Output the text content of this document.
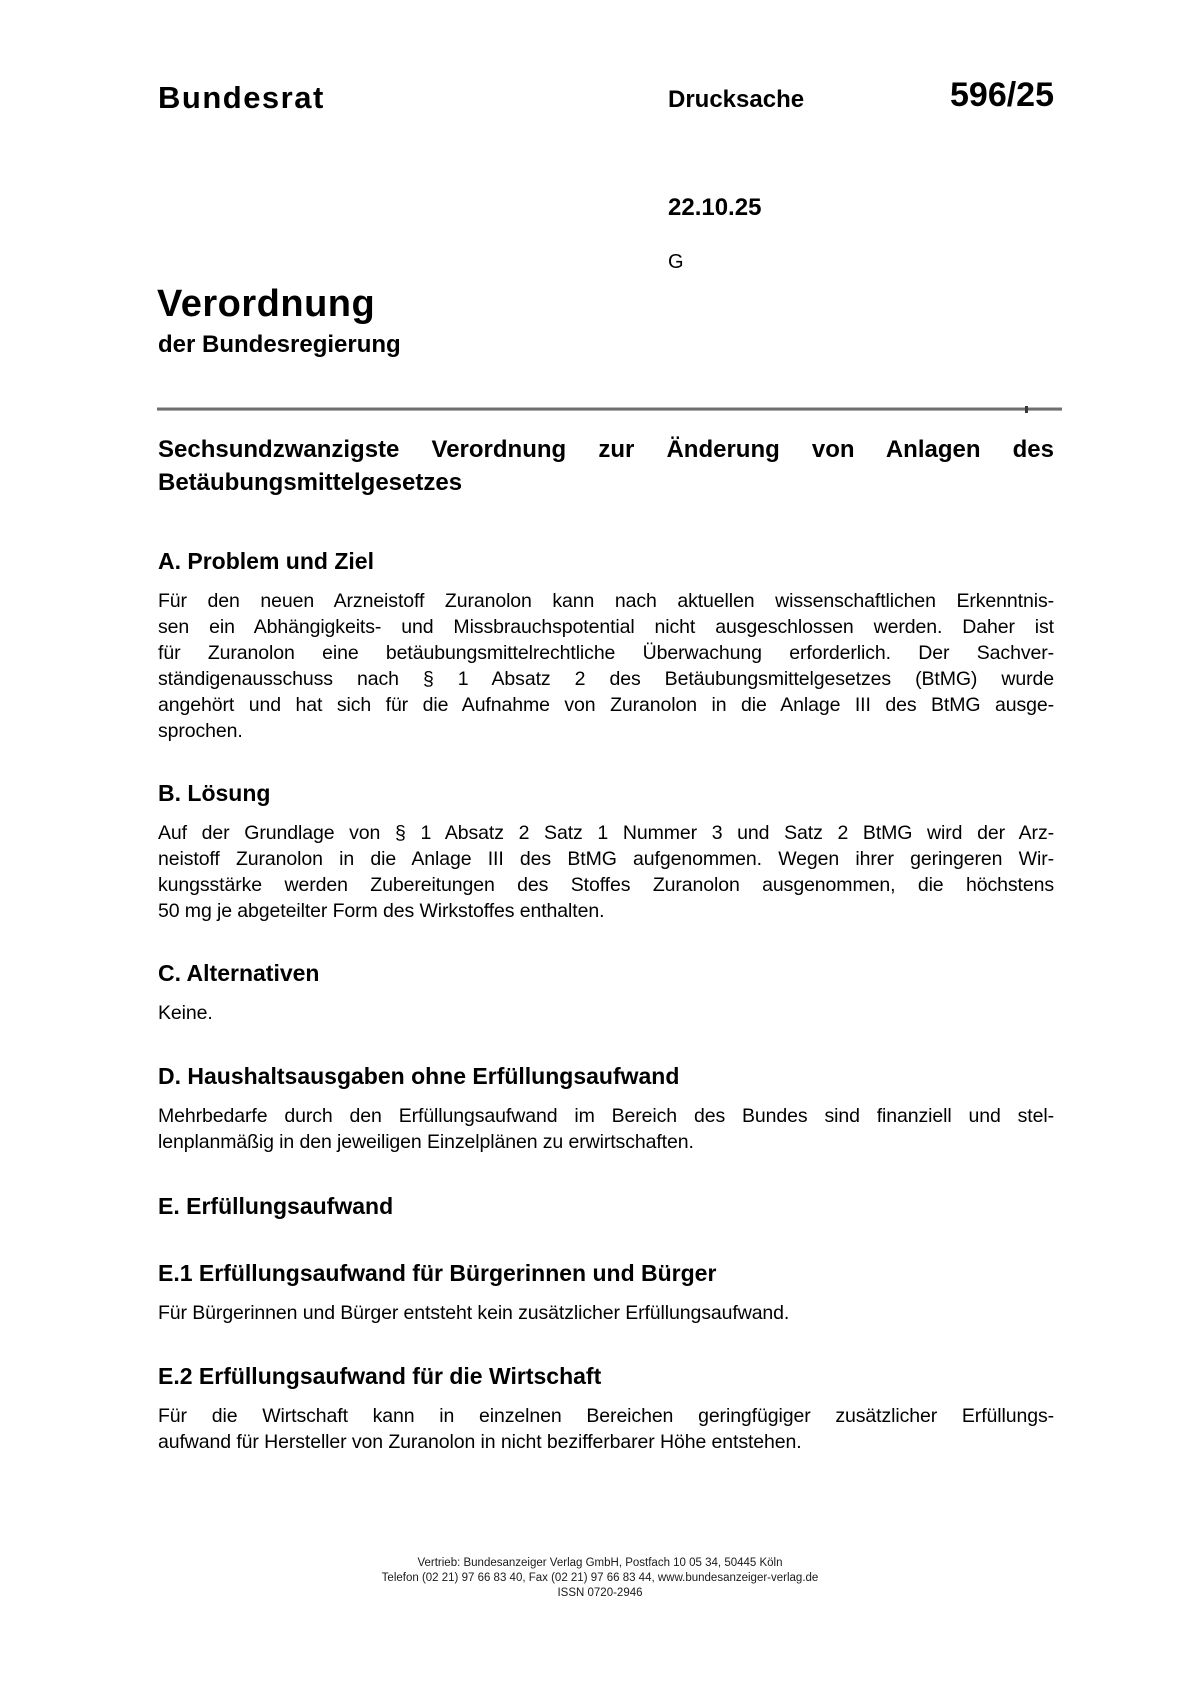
Bundesrat	Drucksache	596/25
22.10.25
G
Verordnung
der Bundesregierung
Sechsundzwanzigste Verordnung zur Änderung von Anlagen des
Betäubungsmittelgesetzes
A. Problem und Ziel
Für den neuen Arzneistoff Zuranolon kann nach aktuellen wissenschaftlichen Erkenntnis-
sen ein Abhängigkeits- und Missbrauchspotential nicht ausgeschlossen werden. Daher ist
für Zuranolon eine betäubungsmittelrechtliche Überwachung erforderlich. Der Sachver-
ständigenausschuss nach § 1 Absatz 2 des Betäubungsmittelgesetzes (BtMG) wurde
angehört und hat sich für die Aufnahme von Zuranolon in die Anlage III des BtMG ausge-
sprochen.
B. Lösung
Auf der Grundlage von § 1 Absatz 2 Satz 1 Nummer 3 und Satz 2 BtMG wird der Arz-
neistoff Zuranolon in die Anlage III des BtMG aufgenommen. Wegen ihrer geringeren Wir-
kungsstärke werden Zubereitungen des Stoffes Zuranolon ausgenommen, die höchstens
50 mg je abgeteilter Form des Wirkstoffes enthalten.
C. Alternativen
Keine.
D. Haushaltsausgaben ohne Erfüllungsaufwand
Mehrbedarfe durch den Erfüllungsaufwand im Bereich des Bundes sind finanziell und stel-
lenplanmäßig in den jeweiligen Einzelplänen zu erwirtschaften.
E. Erfüllungsaufwand
E.1 Erfüllungsaufwand für Bürgerinnen und Bürger
Für Bürgerinnen und Bürger entsteht kein zusätzlicher Erfüllungsaufwand.
E.2 Erfüllungsaufwand für die Wirtschaft
Für die Wirtschaft kann in einzelnen Bereichen geringfügiger zusätzlicher Erfüllungs-
aufwand für Hersteller von Zuranolon in nicht bezifferbarer Höhe entstehen.
Vertrieb: Bundesanzeiger Verlag GmbH, Postfach 10 05 34, 50445 Köln
Telefon (02 21) 97 66 83 40, Fax (02 21) 97 66 83 44, www.bundesanzeiger-verlag.de
ISSN 0720-2946
